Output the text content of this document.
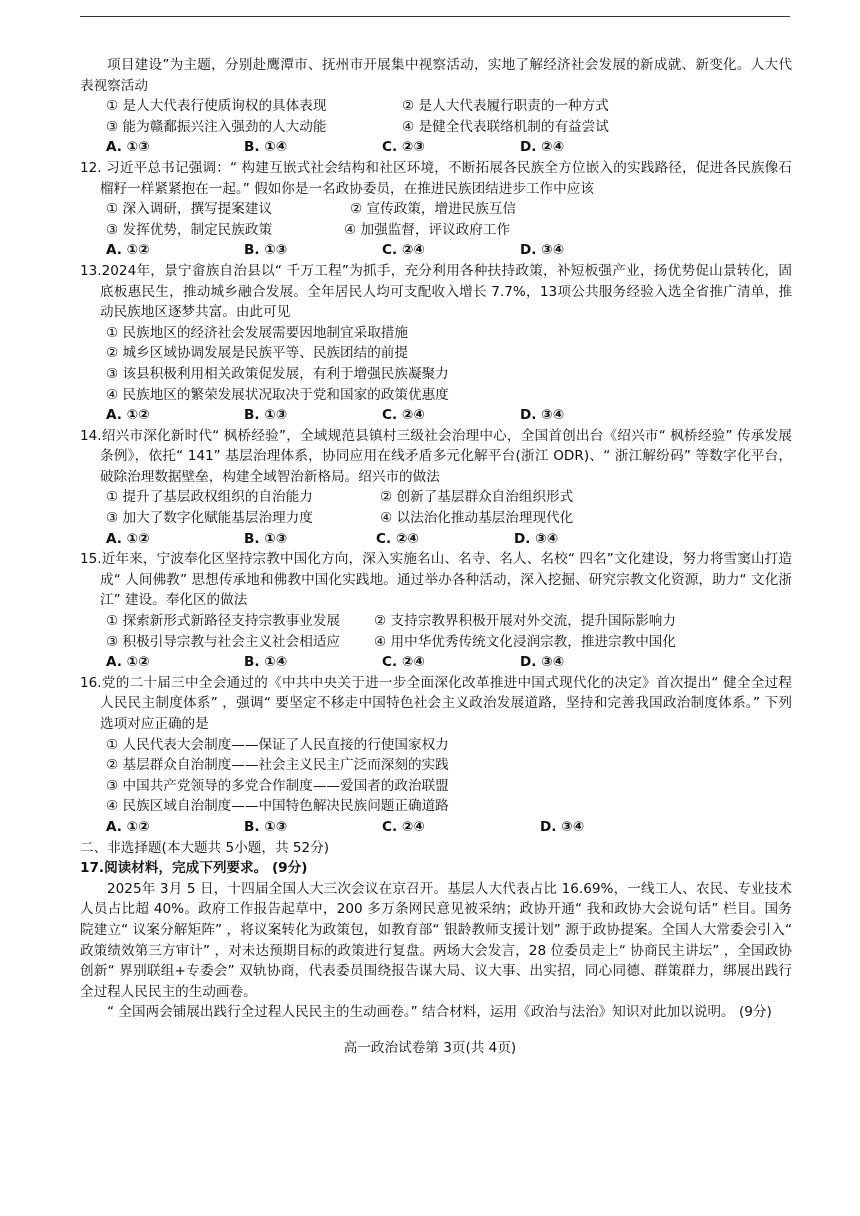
项目建设”为主题，分别赴鹰潭市、抚州市开展集中视察活动，实地了解经济社会发展的新成就、新变化。人大代表视察活动

① 是人大代表行使质询权的具体表现	② 是人大代表履行职责的一种方式
③ 能为赣鄱振兴注入强劲的人大动能	④ 是健全代表联络机制的有益尝试
A. ①③	B. ①④	C. ②③	D. ②④

12. 习近平总书记强调：“ 构建互嵌式社会结构和社区环境，不断拓展各民族全方位嵌入的实践路径，促进各民族像石榴籽一样紧紧抱在一起。” 假如你是一名政协委员，在推进民族团结进步工作中应该

① 深入调研，撰写提案建议	② 宣传政策，增进民族互信
③ 发挥优势，制定民族政策	④ 加强监督，评议政府工作
A. ①②	B. ①③	C. ②④	D. ③④

13.2024年，景宁畲族自治县以“ 千万工程”为抓手，充分利用各种扶持政策，补短板强产业，扬优势促山景转化，固底板惠民生，推动城乡融合发展。全年居民人均可支配收入增长 7.7%，13项公共服务经验入选全省推广清单，推动民族地区逐梦共富。由此可见

① 民族地区的经济社会发展需要因地制宜采取措施

② 城乡区域协调发展是民族平等、民族团结的前提

③ 该县积极利用相关政策促发展，有利于增强民族凝聚力

④ 民族地区的繁荣发展状况取决于党和国家的政策优惠度

A. ①②	B. ①③	C. ②④	D. ③④

14.绍兴市深化新时代“ 枫桥经验”，全域规范县镇村三级社会治理中心，全国首创出台《绍兴市“ 枫桥经验” 传承发展条例》，依托“ 141” 基层治理体系，协同应用在线矛盾多元化解平台(浙江 ODR)、“ 浙江解纷码” 等数字化平台，破除治理数据壁垒，构建全域智治新格局。绍兴市的做法

① 提升了基层政权组织的自治能力	② 创新了基层群众自治组织形式
③ 加大了数字化赋能基层治理力度	④ 以法治化推动基层治理现代化
A. ①②	B. ①③	C. ②④	D. ③④

15.近年来，宁波奉化区坚持宗教中国化方向，深入实施名山、名寺、名人、名校“ 四名”文化建设，努力将雪窦山打造成“ 人间佛教” 思想传承地和佛教中国化实践地。通过举办各种活动，深入挖掘、研究宗教文化资源，助力“ 文化浙江” 建设。奉化区的做法

① 探索新形式新路径支持宗教事业发展	② 支持宗教界积极开展对外交流，提升国际影响力
③ 积极引导宗教与社会主义社会相适应	④ 用中华优秀传统文化浸润宗教，推进宗教中国化
A. ①②	B. ①④	C. ②④	D. ③④

16.党的二十届三中全会通过的《中共中央关于进一步全面深化改革推进中国式现代化的决定》首次提出“ 健全全过程人民民主制度体系” ，强调“ 要坚定不移走中国特色社会主义政治发展道路，坚持和完善我国政治制度体系。” 下列选项对应正确的是

① 人民代表大会制度——保证了人民直接的行使国家权力

② 基层群众自治制度——社会主义民主广泛而深刻的实践

③ 中国共产党领导的多党合作制度——爱国者的政治联盟

④ 民族区域自治制度——中国特色解决民族问题正确道路

A. ①②	B. ①③	C. ②④	D. ③④

二、非选择题(本大题共 5小题，共 52分)

17.阅读材料，完成下列要求。 (9分)

2025年 3月 5 日，十四届全国人大三次会议在京召开。基层人大代表占比 16.69%，一线工人、农民、专业技术人员占比超 40%。政府工作报告起草中，200 多万条网民意见被采纳；政协开通“ 我和政协大会说句话” 栏目。国务院建立“ 议案分解矩阵” ，将议案转化为政策包，如教育部“ 银龄教师支援计划” 源于政协提案。全国人大常委会引入“ 政策绩效第三方审计” ，对未达预期目标的政策进行复盘。两场大会发言，28 位委员走上“ 协商民主讲坛” ，全国政协创新“ 界别联组+专委会” 双轨协商，代表委员围绕报告谋大局、议大事、出实招，同心同德、群策群力，绑展出践行全过程人民民主的生动画卷。

“ 全国两会铺展出践行全过程人民民主的生动画卷。” 结合材料，运用《政治与法治》知识对此加以说明。 (9分)

高一政治试卷第 3页(共 4页)
